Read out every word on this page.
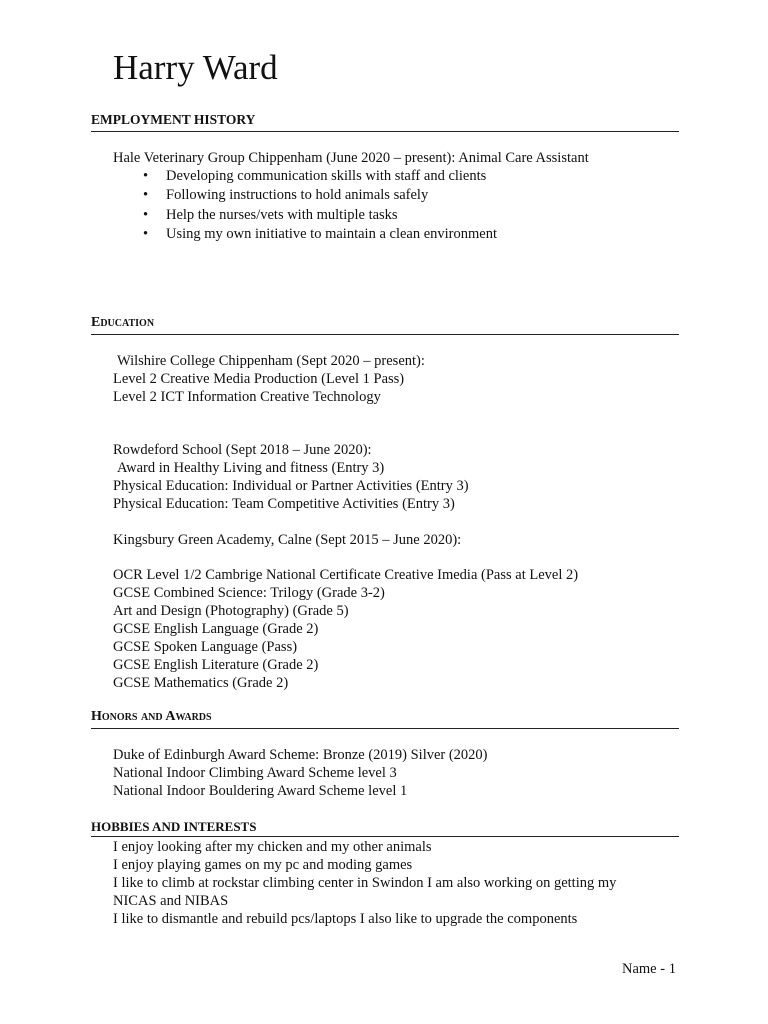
Harry Ward
EMPLOYMENT HISTORY
Hale Veterinary Group Chippenham (June 2020 – present): Animal Care Assistant
• Developing communication skills with staff and clients
• Following instructions to hold animals safely
• Help the nurses/vets with multiple tasks
• Using my own initiative to maintain a clean environment
Education
Wilshire College Chippenham (Sept 2020 – present):
Level 2 Creative Media Production (Level 1 Pass)
Level 2 ICT Information Creative Technology
Rowdeford School (Sept 2018 – June 2020):
Award in Healthy Living and fitness (Entry 3)
Physical Education: Individual or Partner Activities (Entry 3)
Physical Education: Team Competitive Activities (Entry 3)
Kingsbury Green Academy, Calne (Sept 2015 – June 2020):
OCR Level 1/2 Cambrige National Certificate Creative Imedia (Pass at Level 2)
GCSE Combined Science: Trilogy (Grade 3-2)
Art and Design (Photography) (Grade 5)
GCSE English Language (Grade 2)
GCSE Spoken Language (Pass)
GCSE English Literature (Grade 2)
GCSE Mathematics (Grade 2)
Honors and Awards
Duke of Edinburgh Award Scheme: Bronze (2019) Silver (2020)
National Indoor Climbing Award Scheme level 3
National Indoor Bouldering Award Scheme level 1
HOBBIES AND INTERESTS
I enjoy looking after my chicken and my other animals
I enjoy playing games on my pc and moding games
I like to climb at rockstar climbing center in Swindon I am also working on getting my
NICAS and NIBAS
I like to dismantle and rebuild pcs/laptops I also like to upgrade the components
Name - 1
